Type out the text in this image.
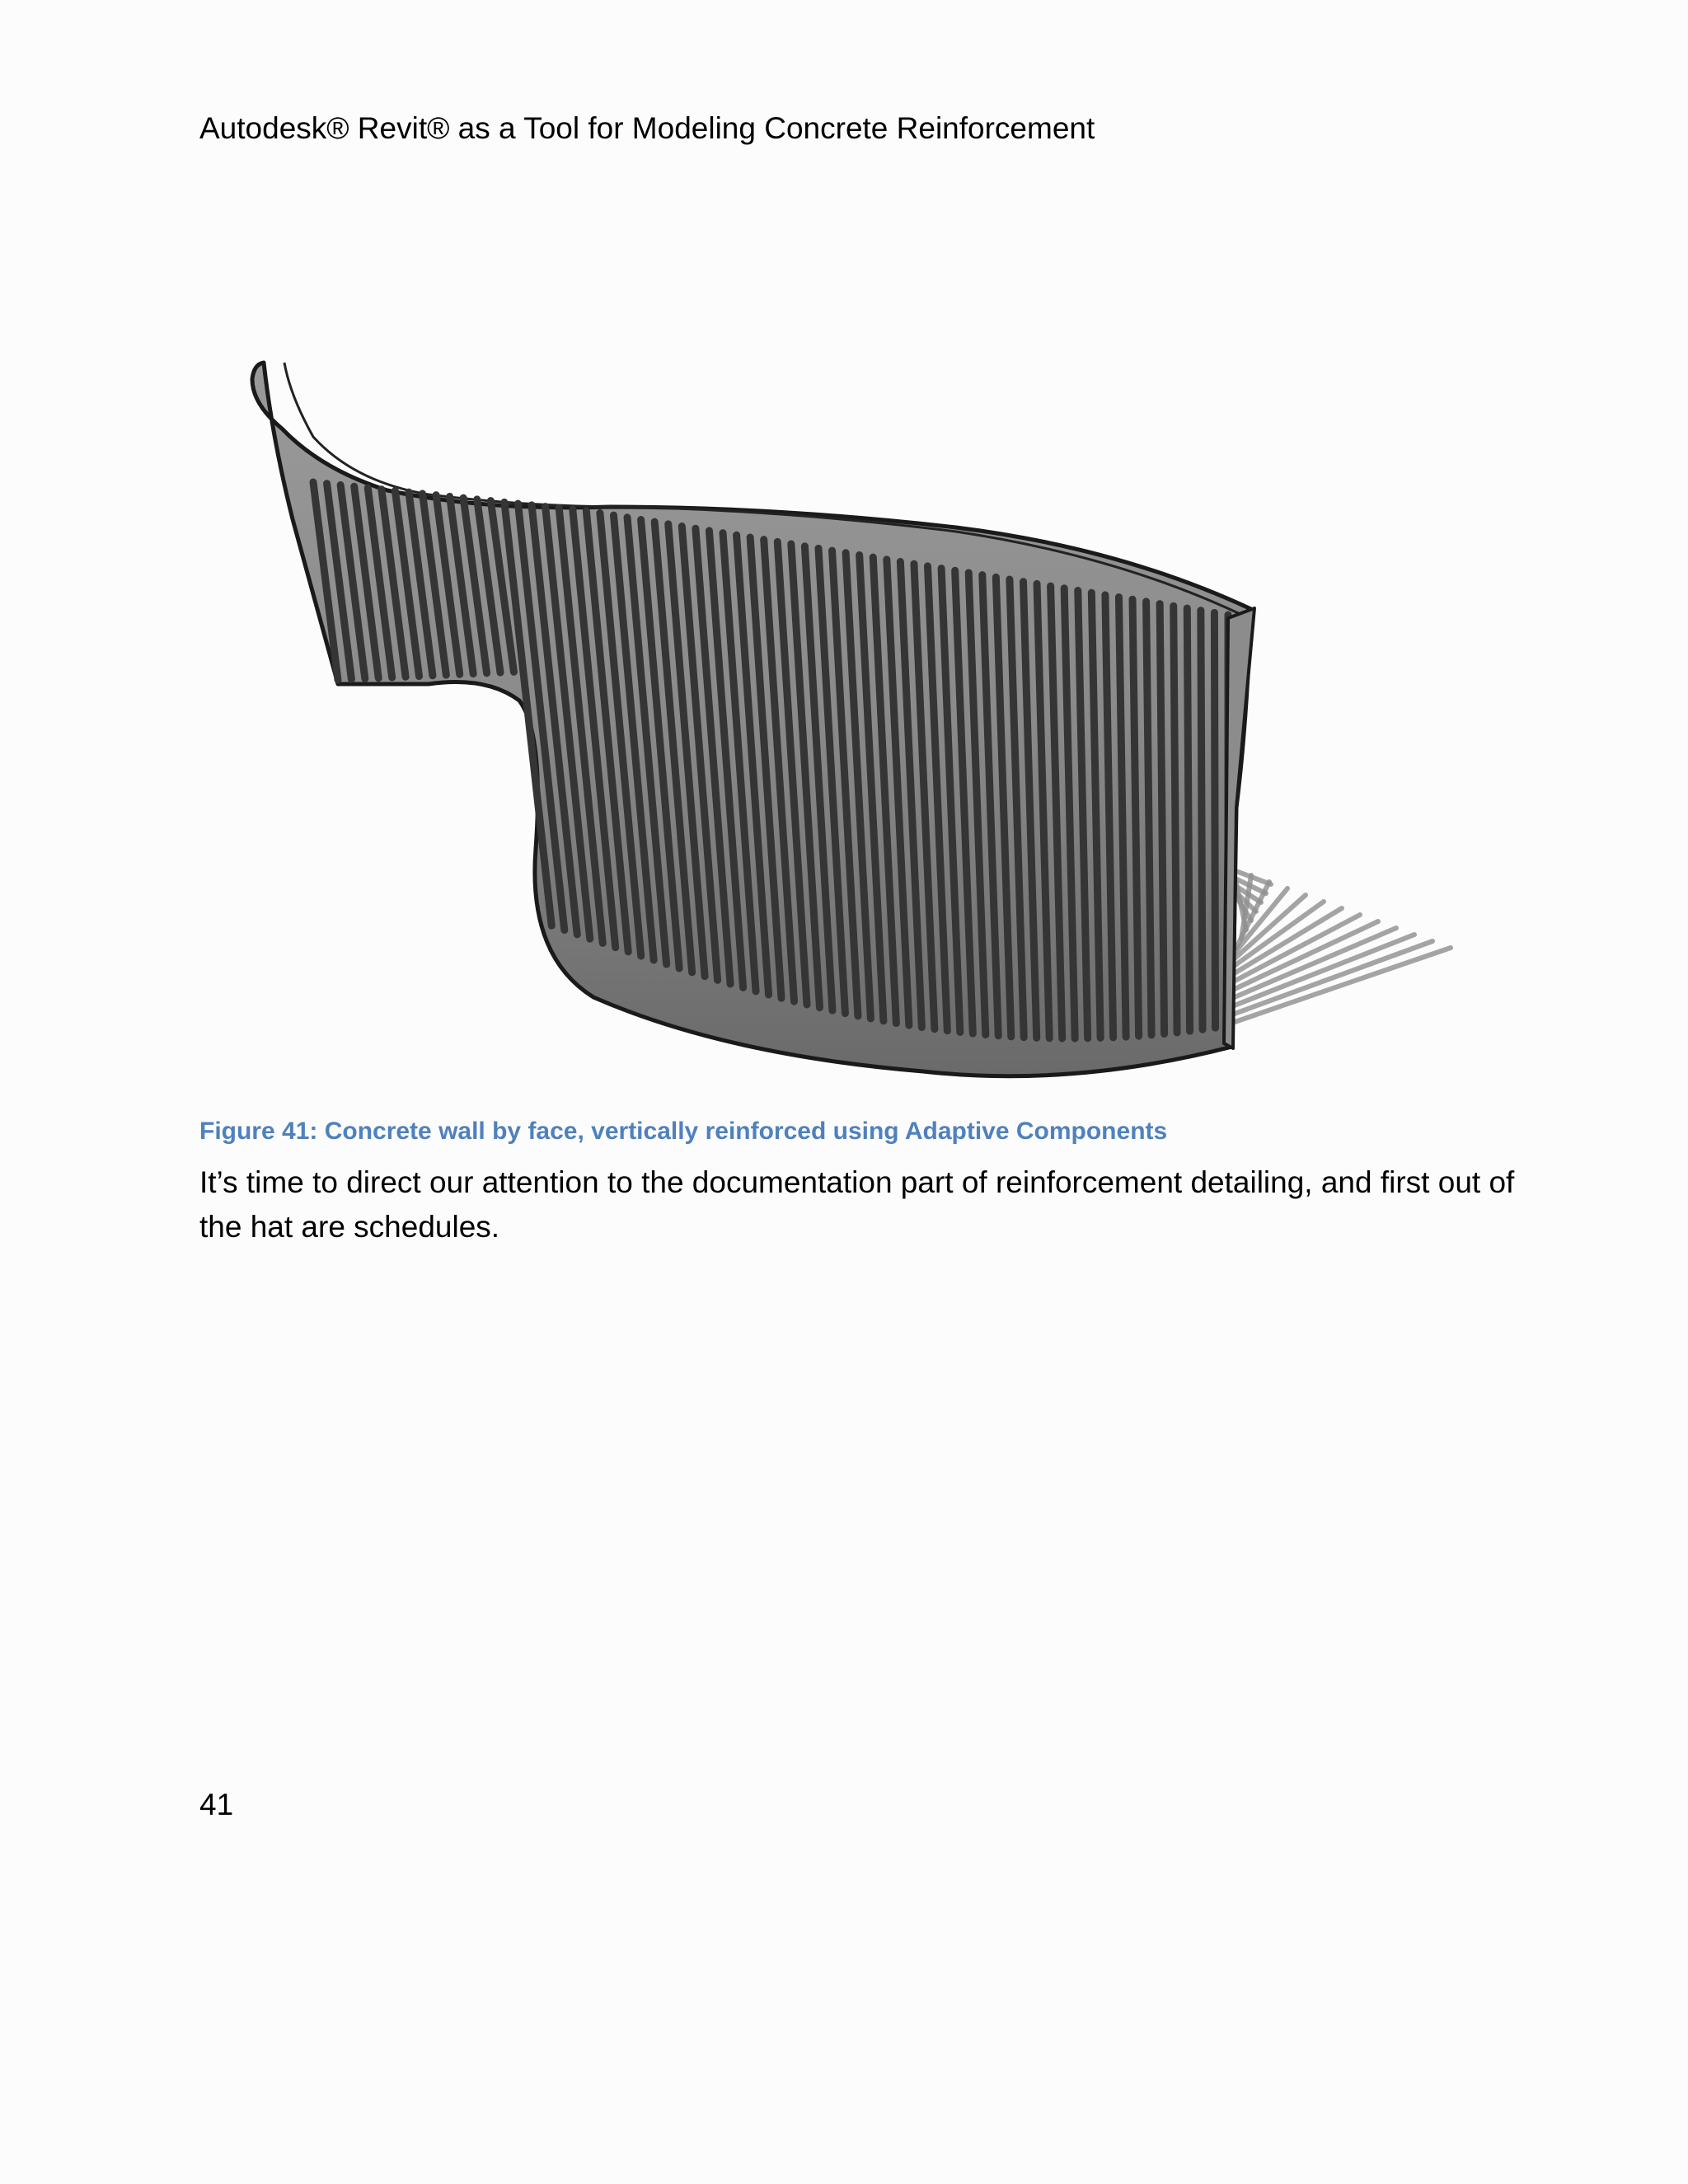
Autodesk® Revit® as a Tool for Modeling Concrete Reinforcement

Figure 41: Concrete wall by face, vertically reinforced using Adaptive Components

It’s time to direct our attention to the documentation part of reinforcement detailing, and first out of the hat are schedules.

41
